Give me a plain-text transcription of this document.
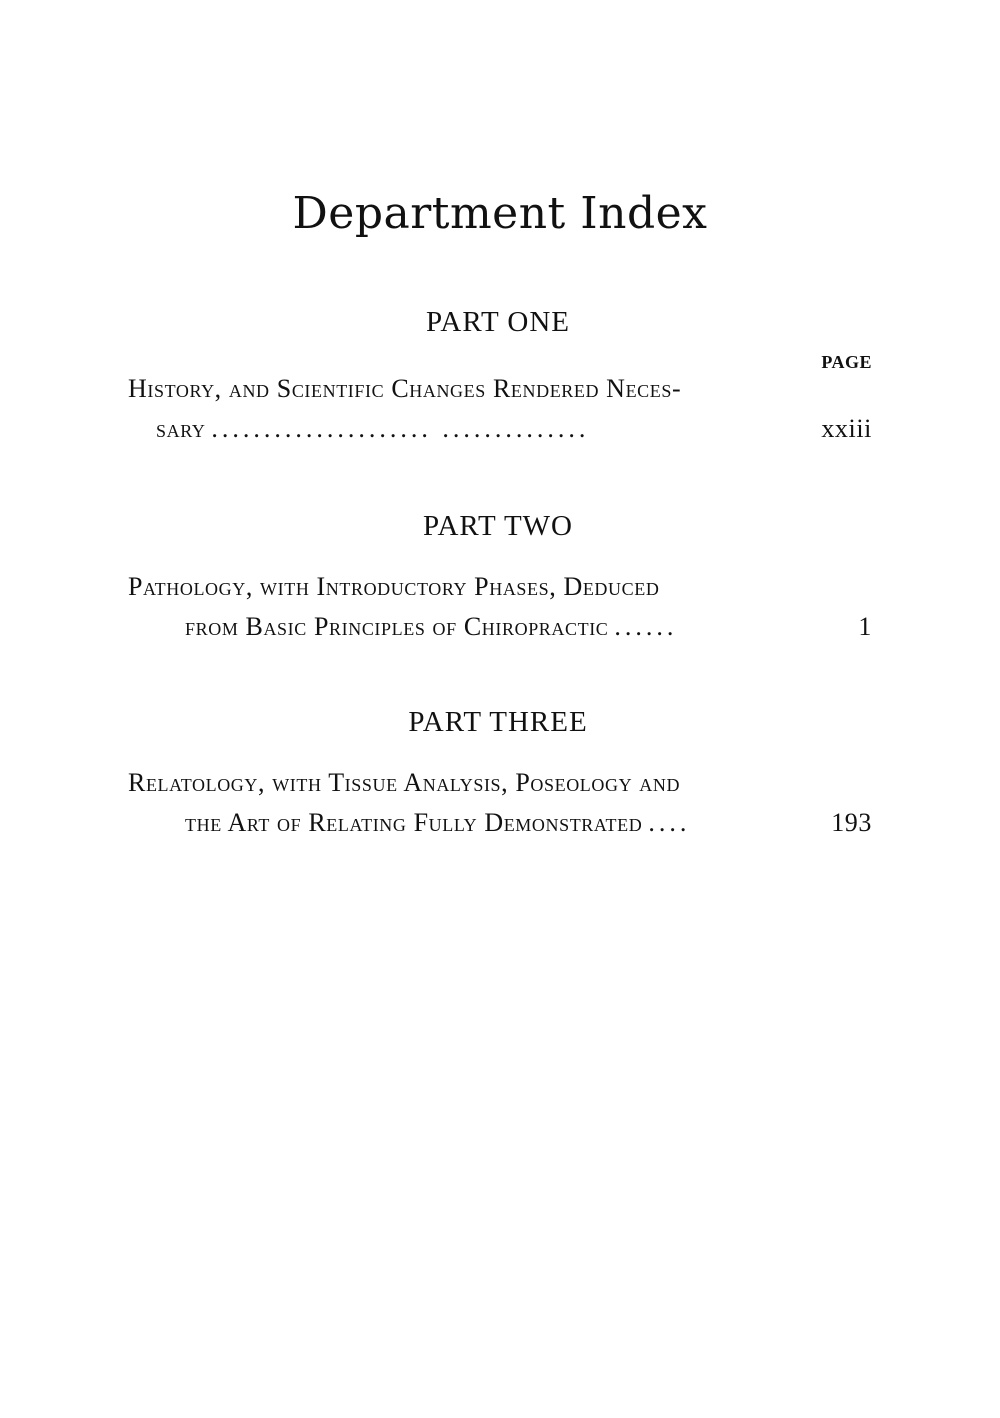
Department Index
PART ONE
PAGE
History, and Scientific Changes Rendered Neces-
sary ..................... ..............	xxiii
PART TWO
Pathology, with Introductory Phases, Deduced
from Basic Principles of Chiropractic ......	1
PART THREE
Relatology, with Tissue Analysis, Poseology and
the Art of Relating Fully Demonstrated ....	193
